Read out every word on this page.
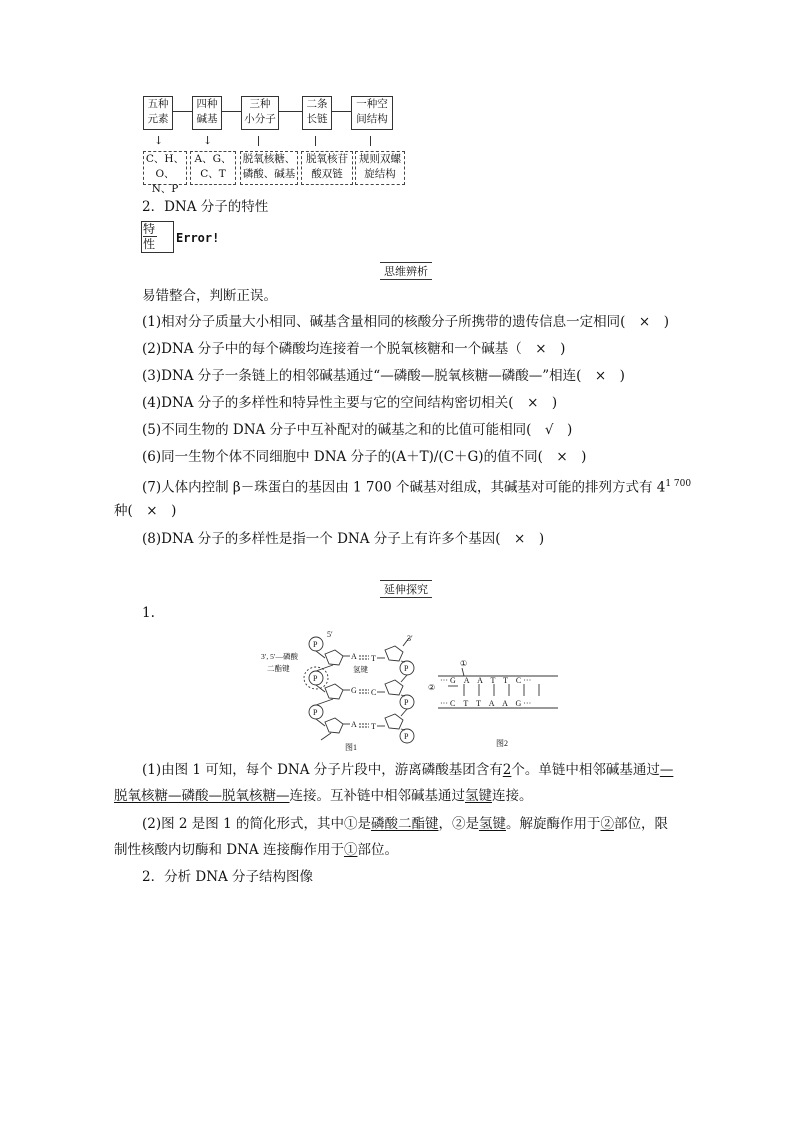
五种
元素
四种
碱基
三种
小分子
二条
长链
一种空
间结构
↓	↓
C、H、O、
N、P
A、G、
C、T
脱氧核糖、
磷酸、碱基
脱氧核苷
酸双链
规则双螺
旋结构
2．DNA 分子的特性
特
性 Error!
思维辨析
易错整合，判断正误。
(1)相对分子质量大小相同、碱基含量相同的核酸分子所携带的遗传信息一定相同(　×　)
(2)DNA 分子中的每个磷酸均连接着一个脱氧核糖和一个碱基（　×　)
(3)DNA 分子一条链上的相邻碱基通过“—磷酸—脱氧核糖—磷酸—”相连(　×　)
(4)DNA 分子的多样性和特异性主要与它的空间结构密切相关(　×　)
(5)不同生物的 DNA 分子中互补配对的碱基之和的比值可能相同(　√　)
(6)同一生物个体不同细胞中 DNA 分子的(A＋T)/(C＋G)的值不同(　×　)
(7)人体内控制 β－珠蛋白的基因由 1 700 个碱基对组成，其碱基对可能的排列方式有 $4^{1 700}$
种(　×　)
(8)DNA 分子的多样性是指一个 DNA 分子上有许多个基因(　×　)
延伸探究
1.
P
P
P
P
P
P
5′	3′
3′, 5′—磷酸
二酯键	氢键
A T
G C
A T
图1
①
②
··· G　A　A　T　T　C ···
··· C　T　T　A　A　G ···
图2
(1)由图 1 可知，每个 DNA 分子片段中，游离磷酸基团含有2个。单链中相邻碱基通过—
脱氧核糖—磷酸—脱氧核糖—连接。互补链中相邻碱基通过氢键连接。
(2)图 2 是图 1 的简化形式，其中①是磷酸二酯键，②是氢键。解旋酶作用于②部位，限
制性核酸内切酶和 DNA 连接酶作用于①部位。
2．分析 DNA 分子结构图像
